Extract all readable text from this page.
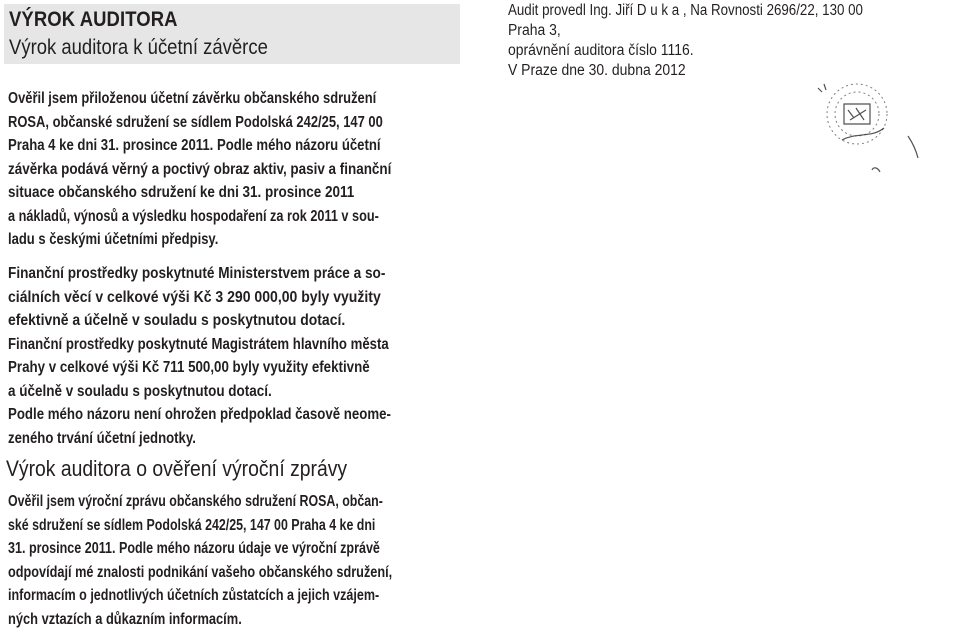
VÝROK AUDITORA
Výrok auditora k účetní závěrce
Ověřil jsem přiloženou účetní závěrku občanského sdružení
ROSA, občanské sdružení se sídlem Podolská 242/25, 147 00
Praha 4 ke dni 31. prosince 2011. Podle mého názoru účetní
závěrka podává věrný a poctivý obraz aktiv, pasiv a finanční
situace občanského sdružení ke dni 31. prosince 2011
a nákladů, výnosů a výsledku hospodaření za rok 2011 v sou-
ladu s českými účetními předpisy.
Finanční prostředky poskytnuté Ministerstvem práce a so-
ciálních věcí v celkové výši Kč 3 290 000,00 byly využity
efektivně a účelně v souladu s poskytnutou dotací.
Finanční prostředky poskytnuté Magistrátem hlavního města
Prahy v celkové výši Kč 711 500,00 byly využity efektivně
a účelně v souladu s poskytnutou dotací.
Podle mého názoru není ohrožen předpoklad časově neome-
zeného trvání účetní jednotky.
Výrok auditora o ověření výroční zprávy
Ověřil jsem výroční zprávu občanského sdružení ROSA, občan-
ské sdružení se sídlem Podolská 242/25, 147 00 Praha 4 ke dni
31. prosince 2011. Podle mého názoru údaje ve výroční zprávě
odpovídají mé znalosti podnikání vašeho občanského sdružení,
informacím o jednotlivých účetních zůstatcích a jejich vzájem-
ných vztazích a důkazním informacím.
Audit provedl Ing. Jiří D u k a , Na Rovnosti 2696/22, 130 00
Praha 3,
oprávnění auditora číslo 1116.
V Praze dne 30. dubna 2012
